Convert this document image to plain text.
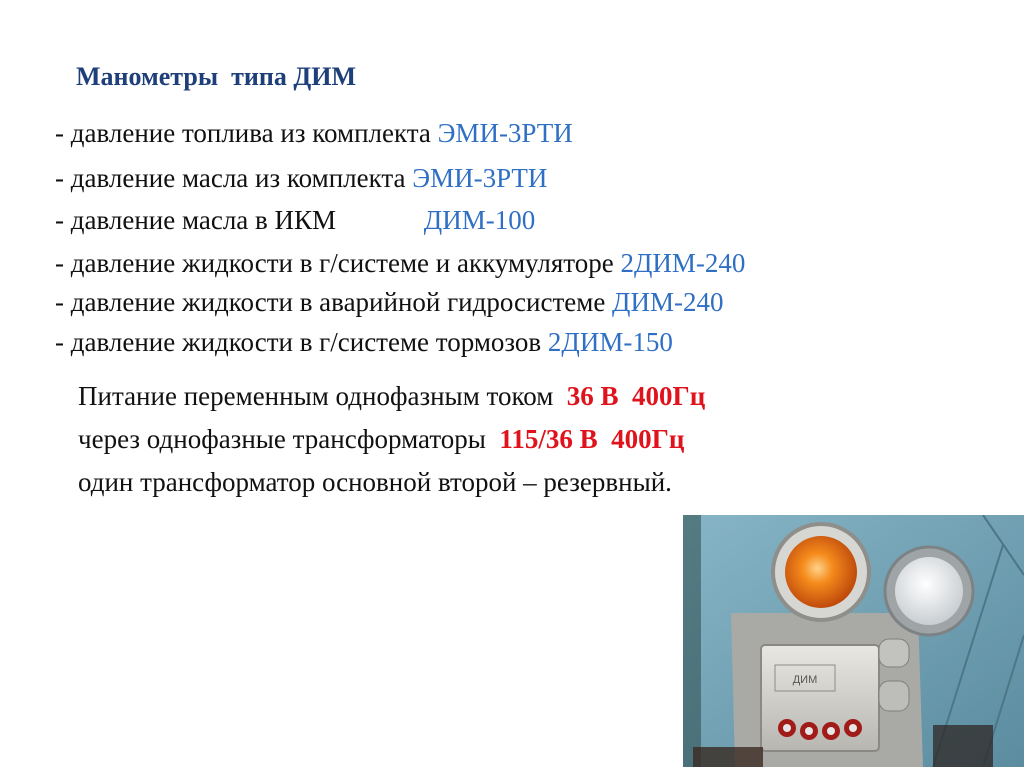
Манометры  типа ДИМ
- давление топлива из комплекта ЭМИ-3РТИ
- давление масла из комплекта ЭМИ-3РТИ
- давление масла в ИКМ             ДИМ-100
- давление жидкости в г/системе и аккумуляторе 2ДИМ-240
- давление жидкости в аварийной гидросистеме ДИМ-240
- давление жидкости в г/системе тормозов 2ДИМ-150
Питание переменным однофазным током  36 В  400Гц
через однофазные трансформаторы  115/36 В  400Гц
один трансформатор основной второй – резервный.
ДИМ
